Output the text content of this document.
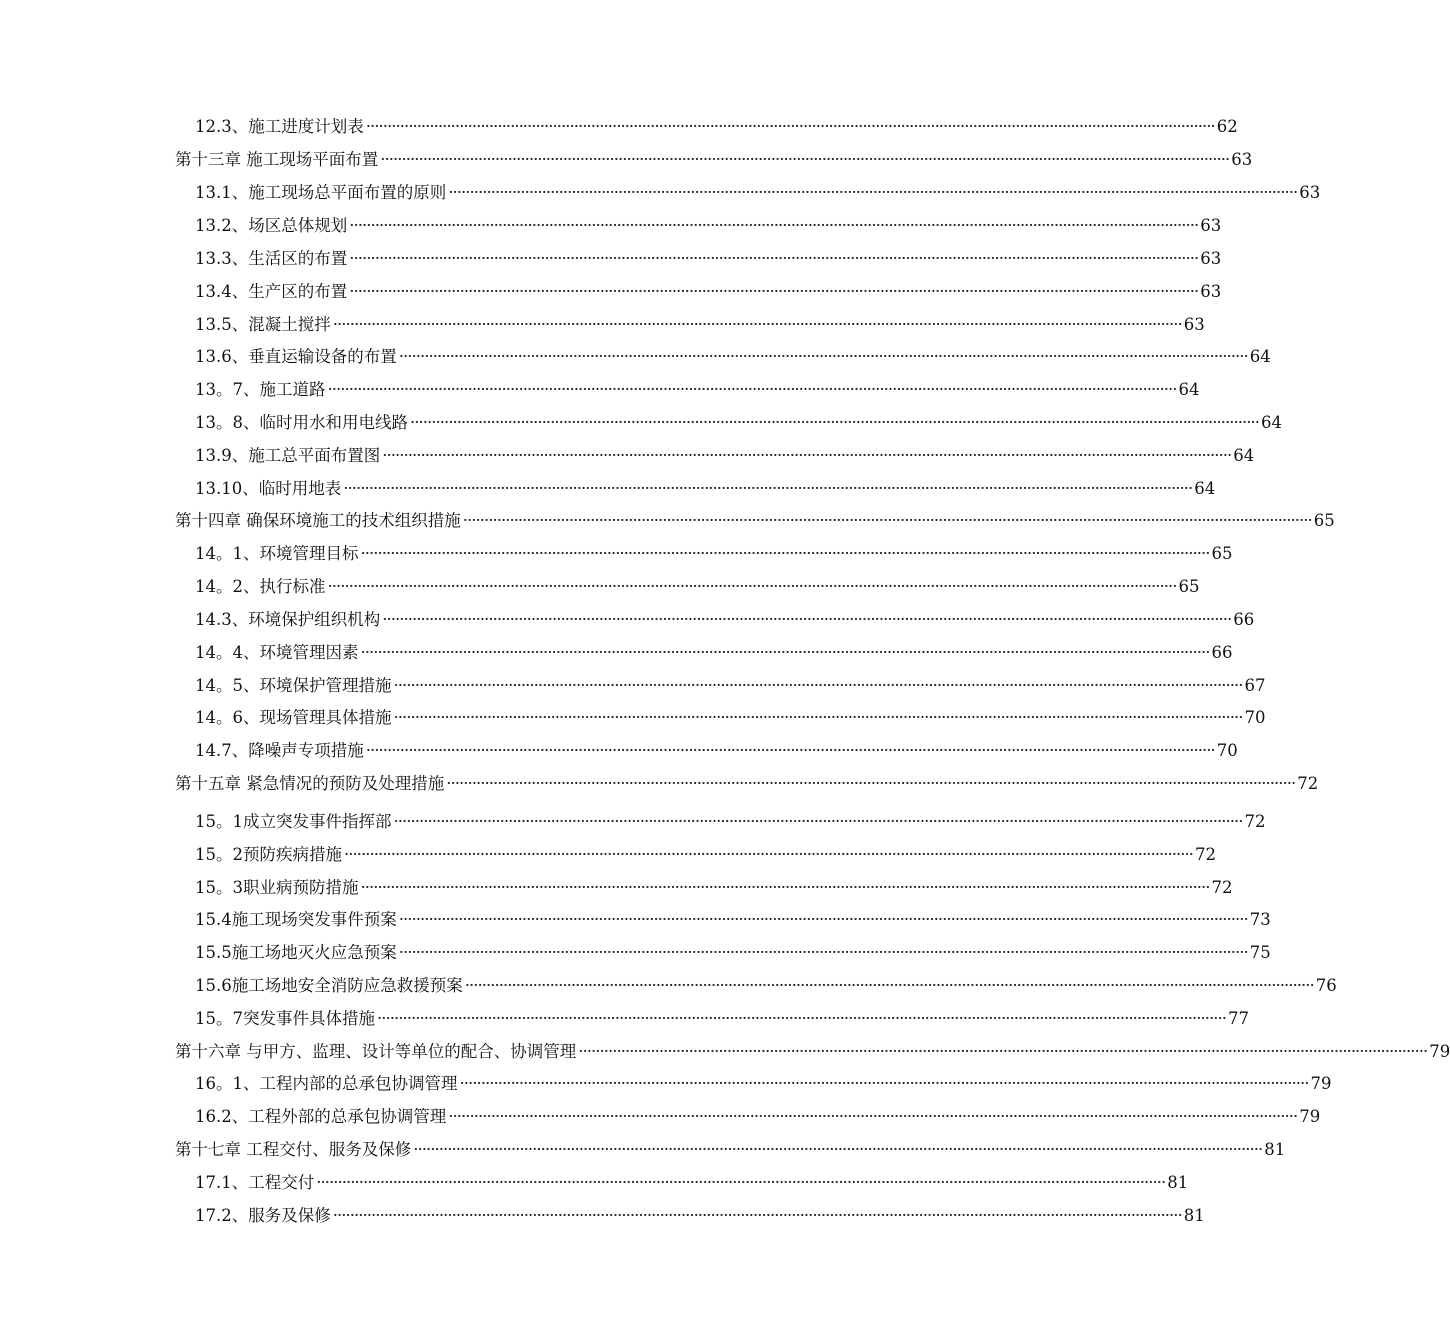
12.3、施工进度计划表 ········································································································································································································ 62
第十三章 施工现场平面布置 ········································································································································································································ 63
13.1、施工现场总平面布置的原则 ········································································································································································································ 63
13.2、场区总体规划 ········································································································································································································ 63
13.3、生活区的布置 ········································································································································································································ 63
13.4、生产区的布置 ········································································································································································································ 63
13.5、混凝土搅拌 ········································································································································································································ 63
13.6、垂直运输设备的布置 ········································································································································································································ 64
13。7、施工道路 ········································································································································································································ 64
13。8、临时用水和用电线路 ········································································································································································································ 64
13.9、施工总平面布置图 ········································································································································································································ 64
13.10、临时用地表 ········································································································································································································ 64
第十四章 确保环境施工的技术组织措施 ········································································································································································································ 65
14。1、环境管理目标 ········································································································································································································ 65
14。2、执行标准 ········································································································································································································ 65
14.3、环境保护组织机构 ········································································································································································································ 66
14。4、环境管理因素 ········································································································································································································ 66
14。5、环境保护管理措施 ········································································································································································································ 67
14。6、现场管理具体措施 ········································································································································································································ 70
14.7、降噪声专项措施 ········································································································································································································ 70
第十五章 紧急情况的预防及处理措施 ········································································································································································································ 72
15。1成立突发事件指挥部 ········································································································································································································ 72
15。2预防疾病措施 ········································································································································································································ 72
15。3职业病预防措施 ········································································································································································································ 72
15.4施工现场突发事件预案 ········································································································································································································ 73
15.5施工场地灭火应急预案 ········································································································································································································ 75
15.6施工场地安全消防应急救援预案 ········································································································································································································ 76
15。7突发事件具体措施 ········································································································································································································ 77
第十六章 与甲方、监理、设计等单位的配合、协调管理 ········································································································································································································ 79
16。1、工程内部的总承包协调管理 ········································································································································································································ 79
16.2、工程外部的总承包协调管理 ········································································································································································································ 79
第十七章 工程交付、服务及保修 ········································································································································································································ 81
17.1、工程交付 ········································································································································································································ 81
17.2、服务及保修 ········································································································································································································ 81
